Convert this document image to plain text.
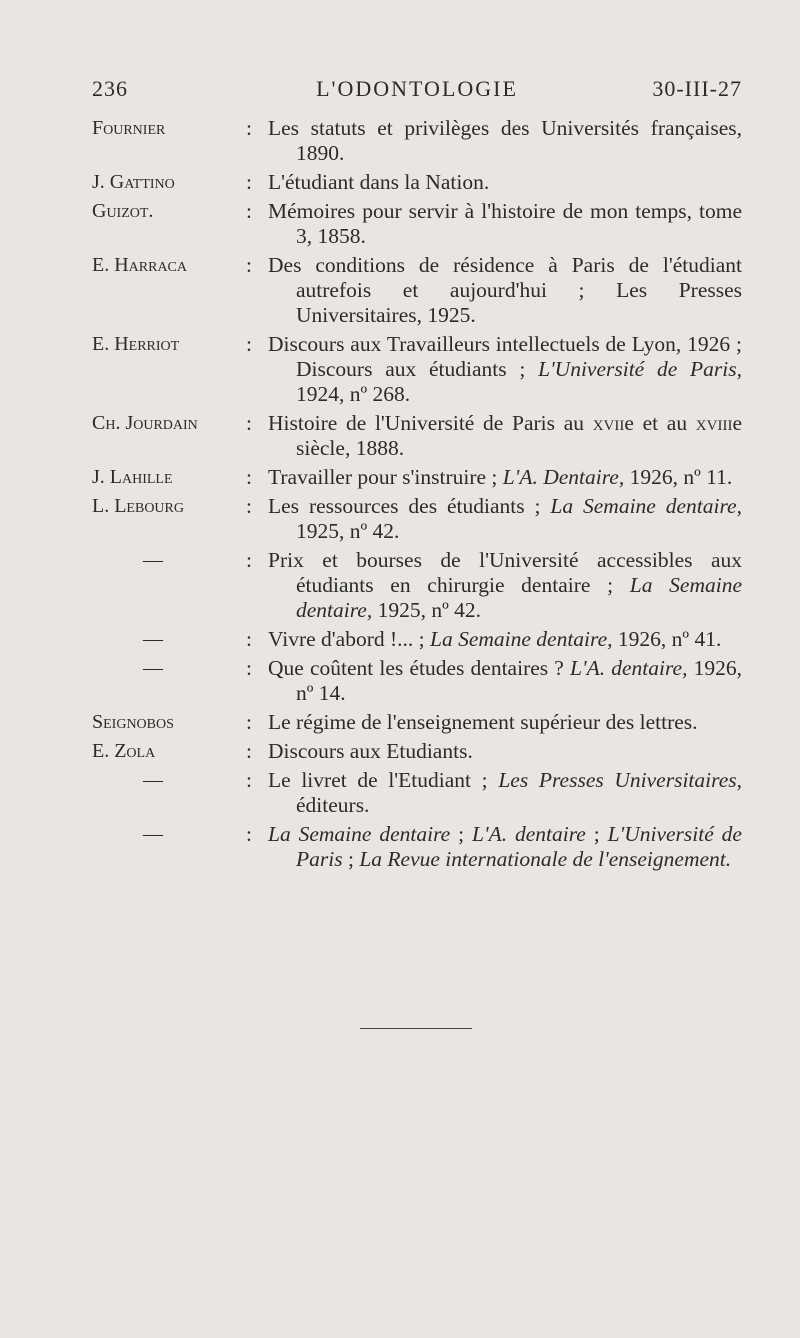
236	L'ODONTOLOGIE	30-III-27
Fournier	: Les statuts et privilèges des Universités françaises, 1890.
J. Gattino	: L'étudiant dans la Nation.
Guizot.	: Mémoires pour servir à l'histoire de mon temps, tome 3, 1858.
E. Harraca	: Des conditions de résidence à Paris de l'étudiant autrefois et aujourd'hui ; Les Presses Universitaires, 1925.
E. Herriot	: Discours aux Travailleurs intellectuels de Lyon, 1926 ; Discours aux étudiants ; L'Université de Paris, 1924, nº 268.
Ch. Jourdain	: Histoire de l'Université de Paris au xviie et au xviiie siècle, 1888.
J. Lahille	: Travailler pour s'instruire ; L'A. Dentaire, 1926, nº 11.
L. Lebourg	: Les ressources des étudiants ; La Semaine dentaire, 1925, nº 42.
—	: Prix et bourses de l'Université accessibles aux étudiants en chirurgie dentaire ; La Semaine dentaire, 1925, nº 42.
—	: Vivre d'abord !... ; La Semaine dentaire, 1926, nº 41.
—	: Que coûtent les études dentaires ? L'A. dentaire, 1926, nº 14.
Seignobos	: Le régime de l'enseignement supérieur des lettres.
E. Zola	: Discours aux Etudiants.
—	: Le livret de l'Etudiant ; Les Presses Universitaires, éditeurs.
—	: La Semaine dentaire ; L'A. dentaire ; L'Université de Paris ; La Revue internationale de l'enseignement.
